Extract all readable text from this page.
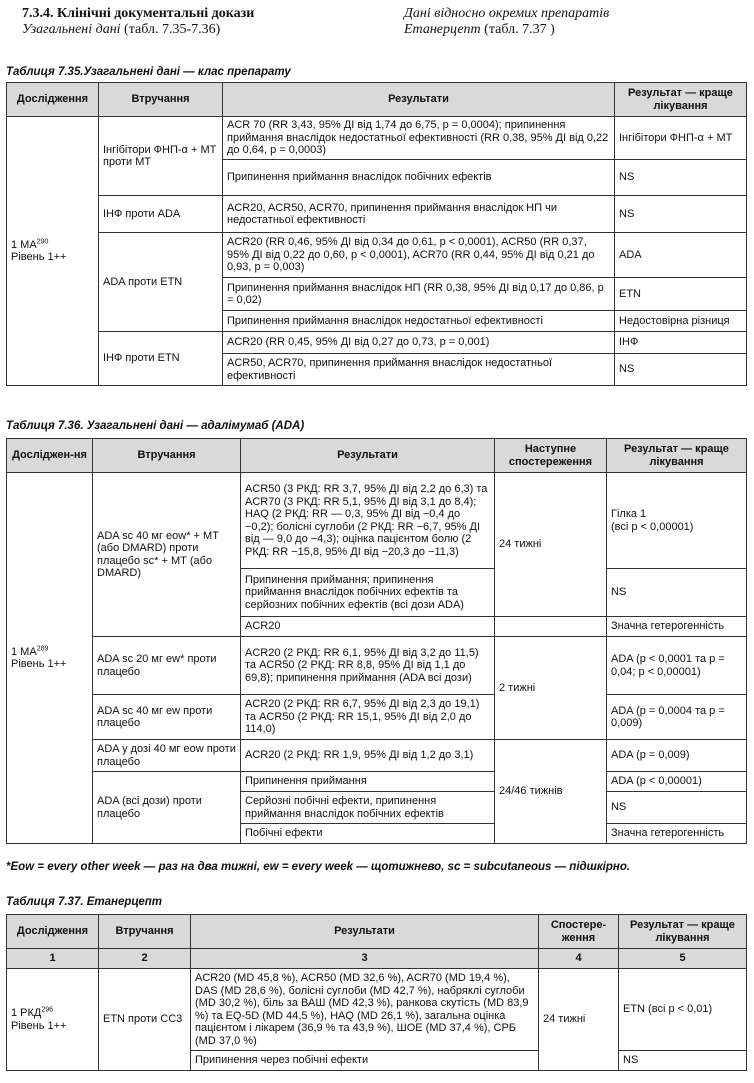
7.3.4. Клінічні документальні докази
Узагальнені дані (табл. 7.35-7.36)
Дані відносно окремих препаратів
Етанерцепт (табл. 7.37 )
Таблиця 7.35.Узагальнені дані — клас препарату
Дослідження	Втручання	Результати	Результат — краще лікування
1 МА$^{290}$
Рівень 1++	Інгібітори ФНП-α + МТ проти МТ	ACR 70 (RR 3,43, 95% ДІ від 1,74 до 6,75, p = 0,0004); припинення приймання внаслідок недостатньої ефективності (RR 0,38, 95% ДІ від 0,22 до 0,64, p = 0,0003)	Інгібітори ФНП-α + МТ
		Припинення приймання внаслідок побічних ефектів	NS
	ІНФ проти ADA	ACR20, ACR50, ACR70, припинення приймання внаслідок НП чи недостатньої ефективності	NS
	ADA проти ETN	ACR20 (RR 0,46, 95% ДІ від 0,34 до 0,61, p < 0,0001), ACR50 (RR 0,37, 95% ДІ від 0,22 до 0,60, p < 0,0001), ACR70 (RR 0,44, 95% ДІ від 0,21 до 0,93, p = 0,003)	ADA
		Припинення приймання внаслідок НП (RR 0,38, 95% ДІ від 0,17 до 0,86, p = 0,02)	ETN
		Припинення приймання внаслідок недостатньої ефективності	Недостовірна різниця
	ІНФ проти ETN	ACR20 (RR 0,45, 95% ДІ від 0,27 до 0,73, p = 0,001)	ІНФ
		ACR50, ACR70, припинення приймання внаслідок недостатньої ефективності	NS
Таблиця 7.36. Узагальнені дані — адалімумаб (ADA)
Досліджен-ня	Втручання	Результати	Наступне спостереження	Результат — краще лікування
1 МА$^{289}$
Рівень 1++	ADA sc 40 мг eow* + МТ (або DMARD) проти плацебо sc* + МТ (або DMARD)	ACR50 (3 РКД: RR 3,7, 95% ДІ від 2,2 до 6,3) та ACR70 (3 РКД: RR 5,1, 95% ДІ від 3,1 до 8,4); HAQ (2 РКД: RR — 0,3, 95% ДІ від −0,4 до −0,2); болісні суглоби (2 РКД: RR −6,7, 95% ДІ від — 9,0 до −4,3); оцінка пацієнтом болю (2 РКД: RR −15,8, 95% ДІ від −20,3 до −11,3)	24 тижні	Гілка 1
(всі p < 0,00001)
		Припинення приймання; припинення приймання внаслідок побічних ефектів та серйозних побічних ефектів (всі дози ADA)		NS
		ACR20		Значна гетерогенність
	ADA sc 20 мг ew* проти плацебо	ACR20 (2 РКД: RR 6,1, 95% ДІ від 3,2 до 11,5) та ACR50 (2 РКД: RR 8,8, 95% ДІ від 1,1 до 69,8); припинення приймання (ADA всі дози)	2 тижні	ADA (p < 0,0001 та p = 0,04; p < 0,00001)
	ADA sc 40 мг ew проти плацебо	ACR20 (2 РКД: RR 6,7, 95% ДІ від 2,3 до 19,1) та ACR50 (2 РКД: RR 15,1, 95% ДІ від 2,0 до 114,0)		ADA (p = 0,0004 та p = 0,009)
	ADA у дозі 40 мг eow проти плацебо	ACR20 (2 РКД: RR 1,9, 95% ДІ від 1,2 до 3,1)	24/46 тижнів	ADA (p = 0,009)
	ADA (всі дози) проти плацебо	Припинення приймання		ADA (p < 0,00001)
		Серйозні побічні ефекти, припинення приймання внаслідок побічних ефектів		NS
		Побічні ефекти		Значна гетерогенність
*Eow = every other week — раз на два тижні, ew = every week — щотижнево, sc = subcutaneous — підшкірно.
Таблиця 7.37. Етанерцепт
Дослідження	Втручання	Результати	Спостере-ження	Результат — краще лікування
1	2	3	4	5
1 РКД$^{296}$
Рівень 1++	ETN проти СС3	ACR20 (MD 45,8 %), ACR50 (MD 32,6 %), ACR70 (MD 19,4 %), DAS (MD 28,6 %), болісні суглоби (MD 42,7 %), набряклі суглоби (MD 30,2 %), біль за ВАШ (MD 42,3 %), ранкова скутість (MD 83,9 %) та EQ-5D (MD 44,5 %), HAQ (MD 26,1 %), загальна оцінка пацієнтом і лікарем (36,9 % та 43,9 %), ШОЕ (MD 37,4 %), СРБ (MD 37,0 %)	24 тижні	ETN (всі p < 0,01)
		Припинення через побічні ефекти		NS
